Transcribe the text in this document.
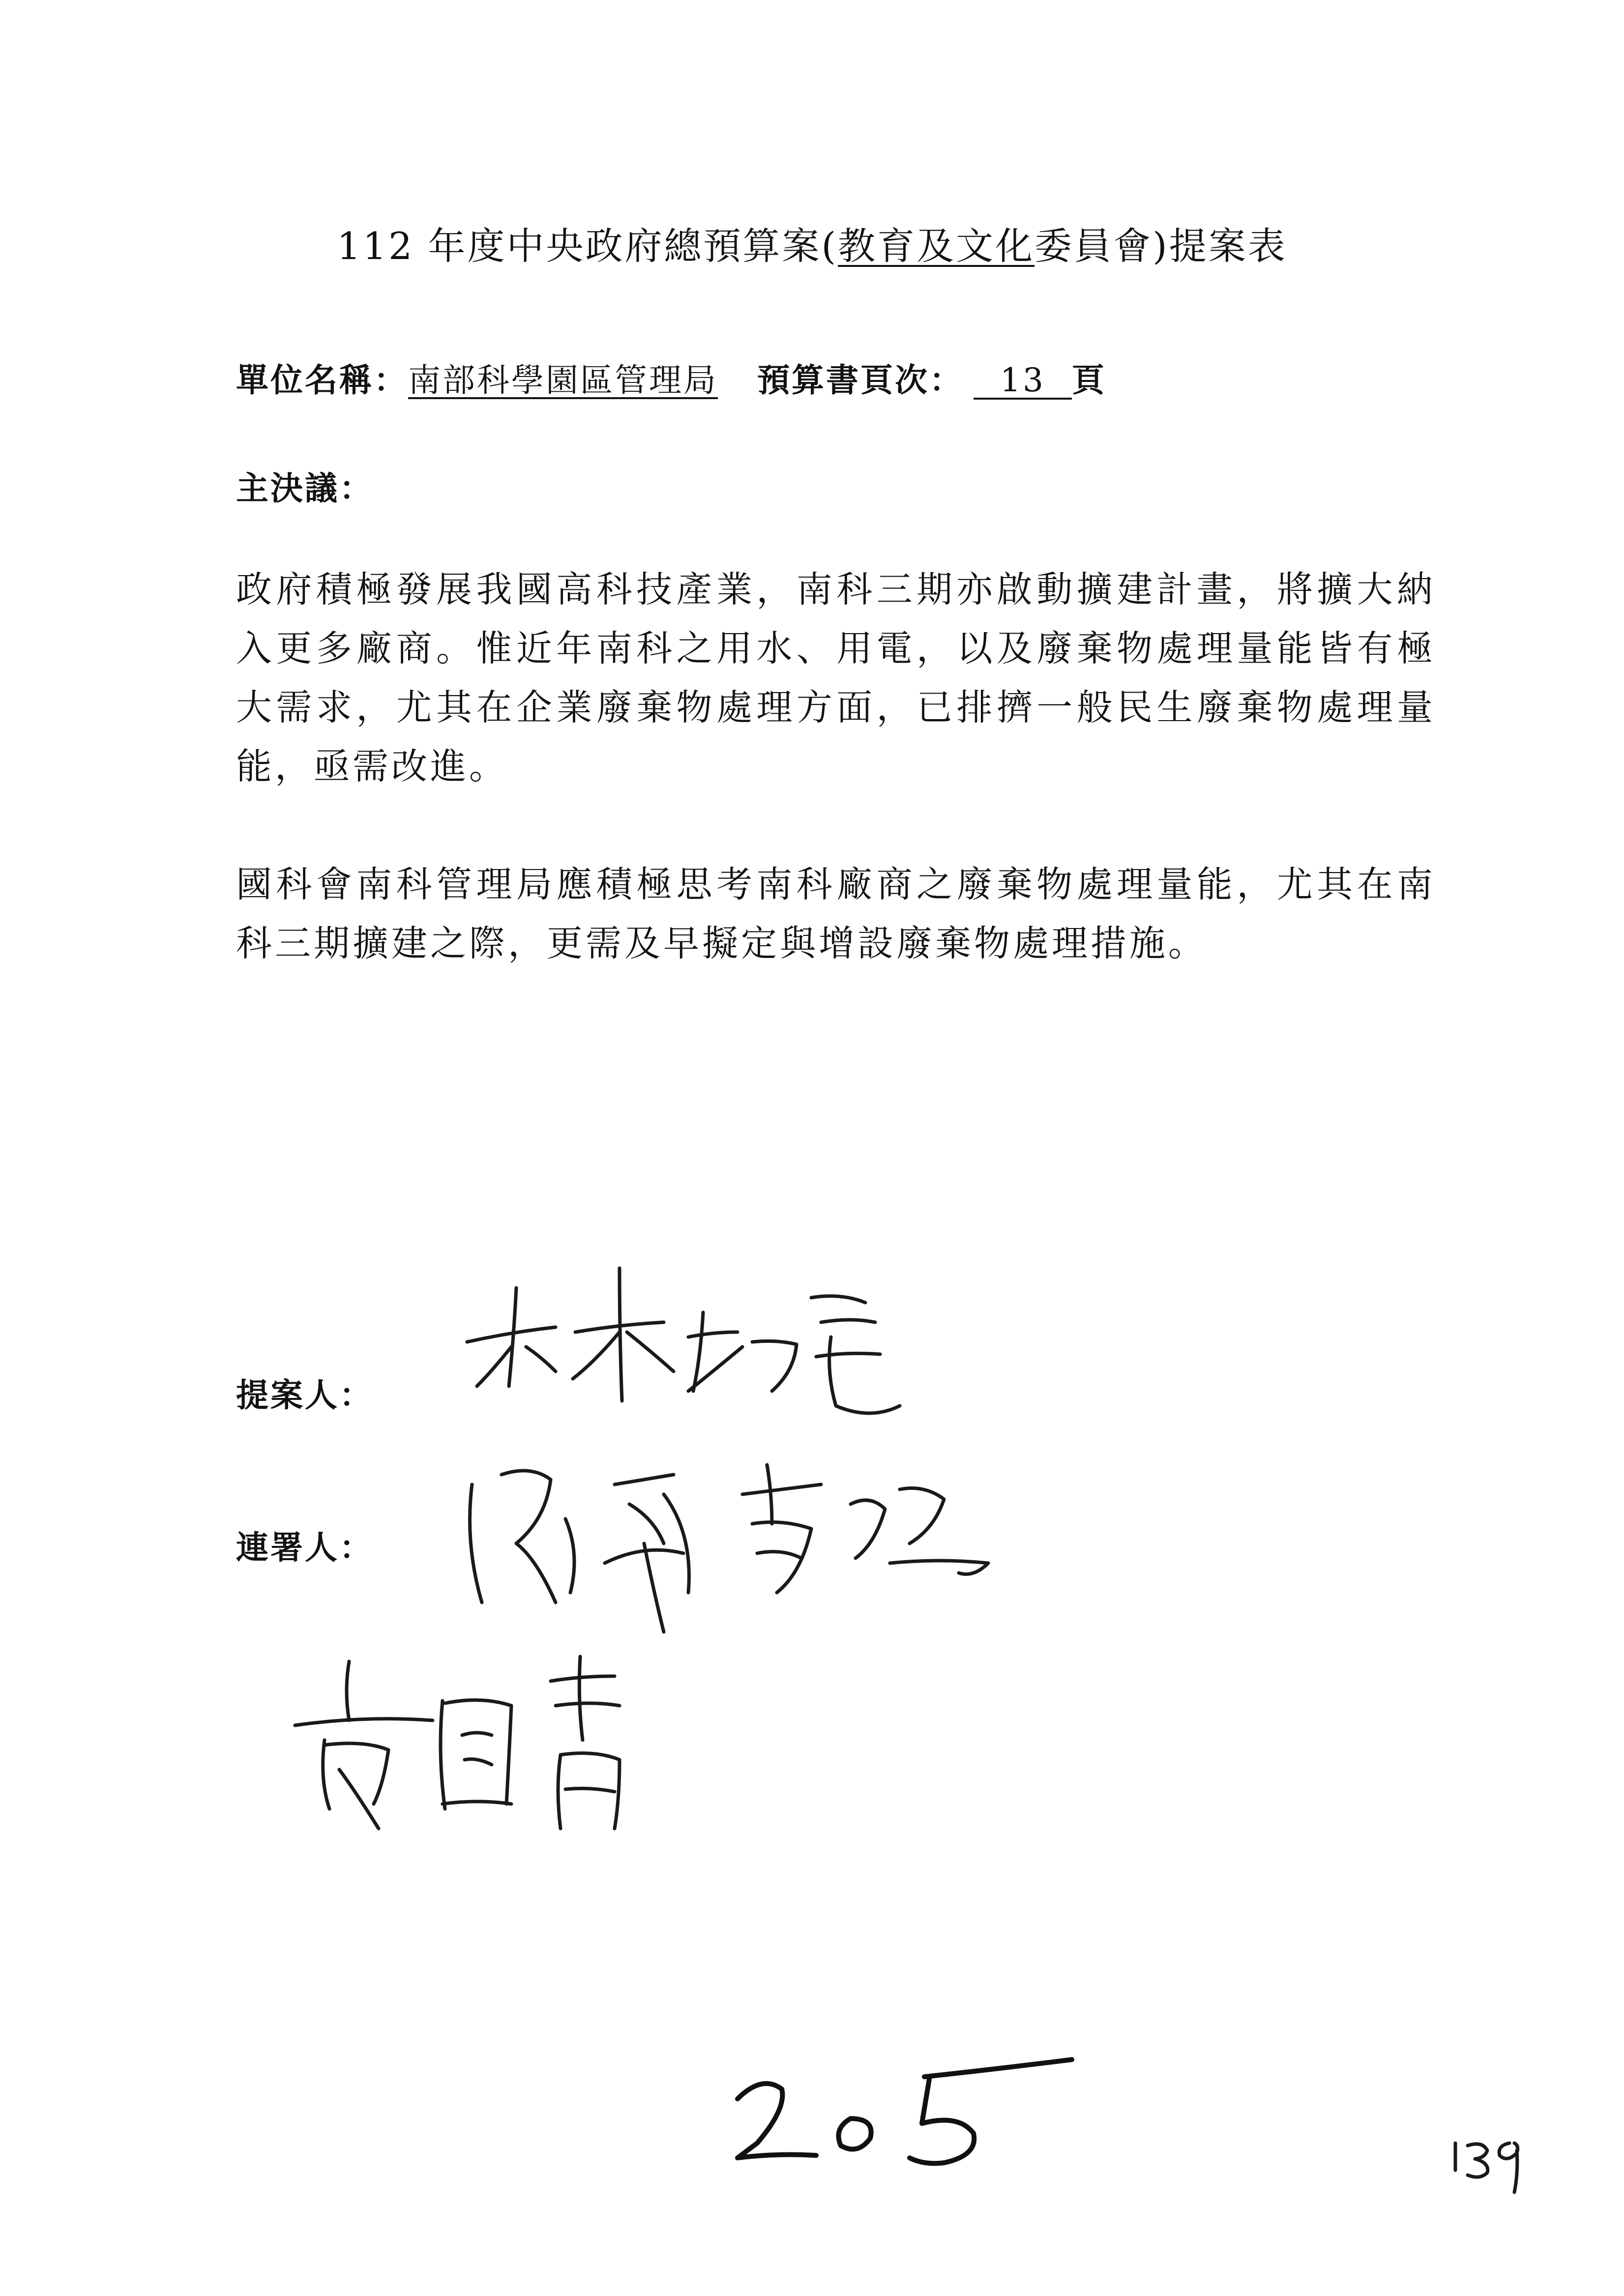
112 年度中央政府總預算案(教育及文化委員會)提案表
單位名稱：南部科學園區管理局 預算書頁次： 13 頁
主決議：

政府積極發展我國高科技產業，南科三期亦啟動擴建計畫，將擴大納入更多廠商。惟近年南科之用水、用電，以及廢棄物處理量能皆有極大需求，尤其在企業廢棄物處理方面，已排擠一般民生廢棄物處理量能，亟需改進。

國科會南科管理局應積極思考南科廠商之廢棄物處理量能，尤其在南科三期擴建之際，更需及早擬定與增設廢棄物處理措施。

提案人：
連署人：
